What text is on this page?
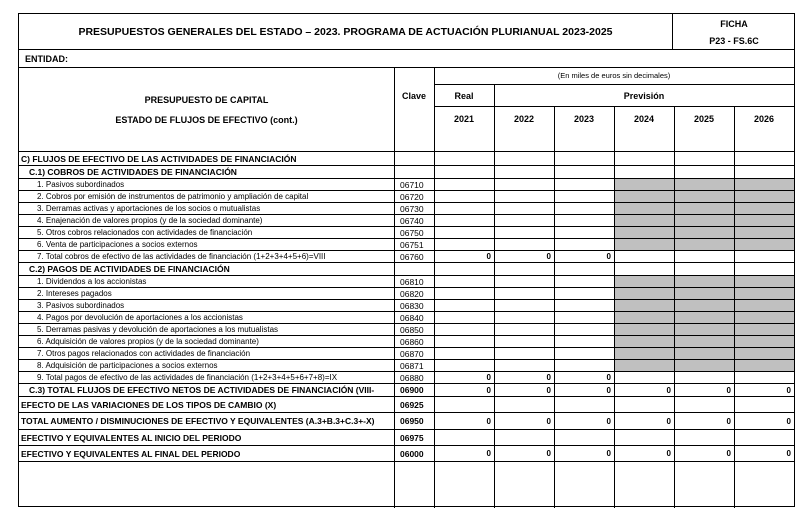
PRESUPUESTOS GENERALES DEL ESTADO – 2023. PROGRAMA DE ACTUACIÓN PLURIANUAL 2023-2025
FICHA
P23 - FS.6C
ENTIDAD:
(En miles de euros sin decimales)
PRESUPUESTO DE CAPITAL
ESTADO DE FLUJOS DE EFECTIVO (cont.)
Clave	Real	Previsión
2021	2022	2023	2024	2025	2026
C) FLUJOS DE EFECTIVO DE LAS ACTIVIDADES DE FINANCIACIÓN
C.1) COBROS DE ACTIVIDADES DE FINANCIACIÓN
1. Pasivos subordinados	06710
2. Cobros por emisión de instrumentos de patrimonio y ampliación de capital	06720
3. Derramas activas y aportaciones de los socios o mutualistas	06730
4. Enajenación de valores propios (y de la sociedad dominante)	06740
5. Otros cobros relacionados con actividades de financiación	06750
6. Venta de participaciones a socios externos	06751
7. Total cobros de efectivo de las actividades de financiación (1+2+3+4+5+6)=VIII	06760	0	0	0
C.2) PAGOS DE ACTIVIDADES DE FINANCIACIÓN
1. Dividendos a los accionistas	06810
2. Intereses pagados	06820
3. Pasivos subordinados	06830
4. Pagos por devolución de aportaciones a los accionistas	06840
5. Derramas pasivas y devolución de aportaciones a los mutualistas	06850
6. Adquisición de valores propios (y de la sociedad dominante)	06860
7. Otros pagos relacionados con actividades de financiación	06870
8. Adquisición de participaciones a socios externos	06871
9. Total pagos de efectivo de las actividades de financiación (1+2+3+4+5+6+7+8)=IX	06880	0	0	0
C.3) TOTAL FLUJOS DE EFECTIVO NETOS DE ACTIVIDADES DE FINANCIACIÓN (VIII-	06900	0	0	0	0	0	0
EFECTO DE LAS VARIACIONES DE LOS TIPOS DE CAMBIO (X)	06925
TOTAL AUMENTO / DISMINUCIONES DE EFECTIVO Y EQUIVALENTES (A.3+B.3+C.3+-X)	06950	0	0	0	0	0	0
EFECTIVO Y EQUIVALENTES AL INICIO DEL PERIODO	06975
EFECTIVO Y EQUIVALENTES AL FINAL DEL PERIODO	06000	0	0	0	0	0	0
